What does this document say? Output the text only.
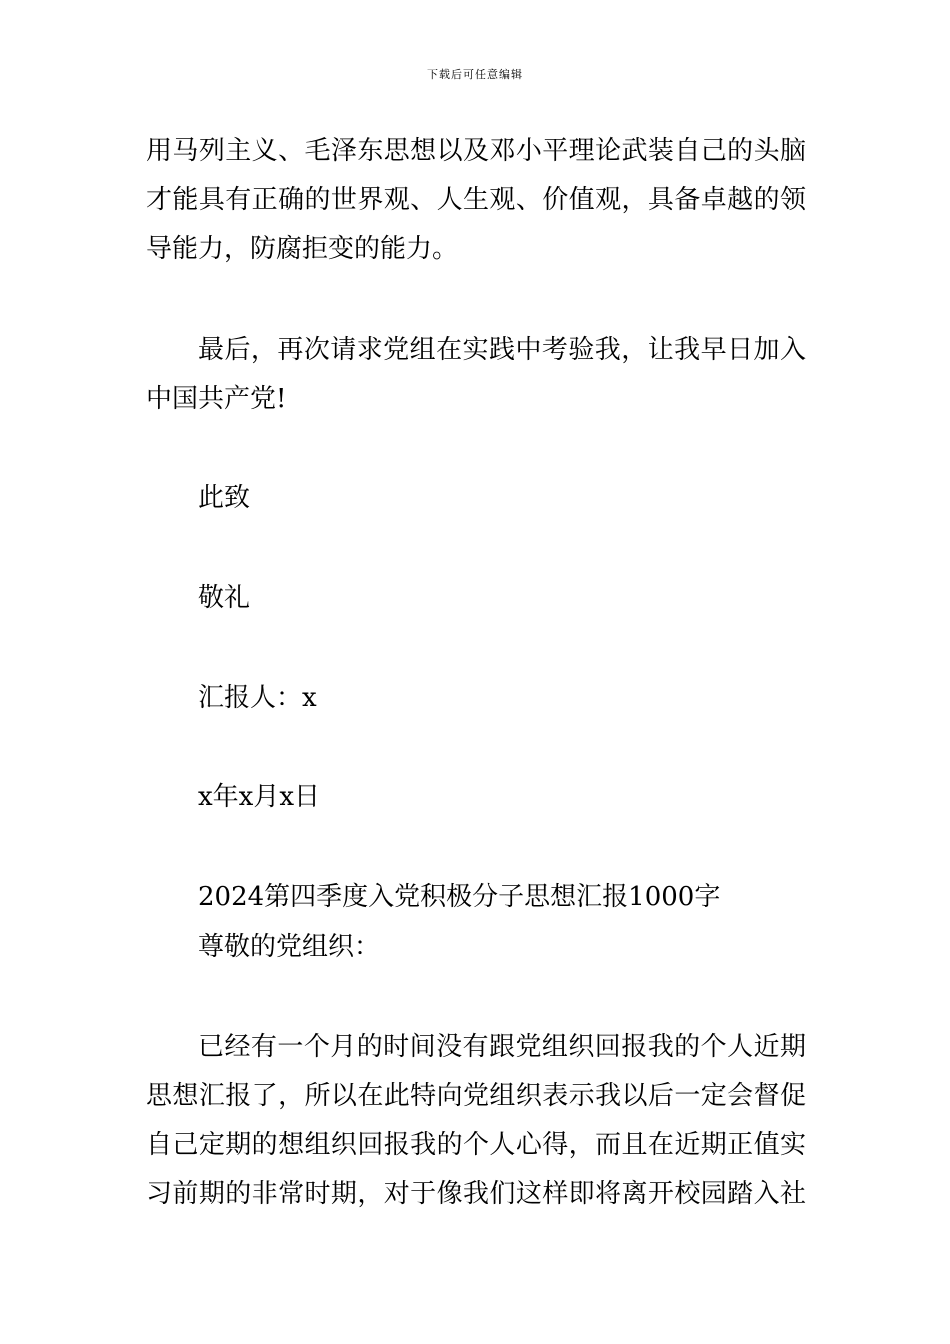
下载后可任意编辑
用马列主义、毛泽东思想以及邓小平理论武装自己的头脑
才能具有正确的世界观、人生观、价值观，具备卓越的领
导能力，防腐拒变的能力。
最后，再次请求党组在实践中考验我，让我早日加入
中国共产党!
此致
敬礼
汇报人：x
x年x月x日
2024第四季度入党积极分子思想汇报1000字
尊敬的党组织：
已经有一个月的时间没有跟党组织回报我的个人近期
思想汇报了，所以在此特向党组织表示我以后一定会督促
自己定期的想组织回报我的个人心得，而且在近期正值实
习前期的非常时期，对于像我们这样即将离开校园踏入社
